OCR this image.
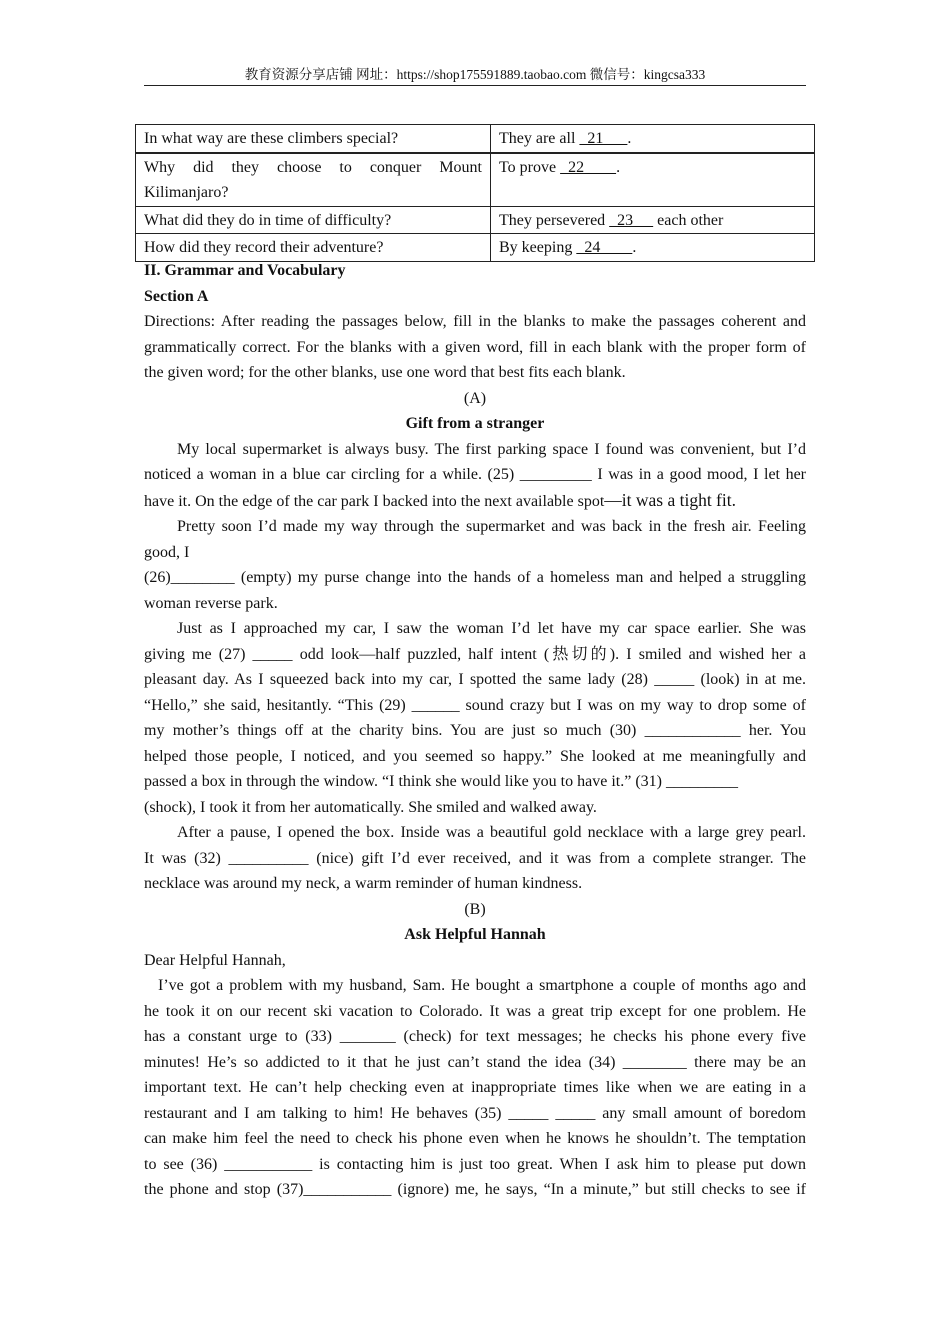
教育资源分享店铺 网址：https://shop175591889.taobao.com 微信号：kingcsa333
In what way are these climbers special?	They are all   21      .
Why did they choose to conquer Mount Kilimanjaro?	To prove   22        .
What did they do in time of difficulty?	They persevered   23      each other
How did they record their adventure?	By keeping   24        .
II. Grammar and Vocabulary
Section A
Directions: After reading the passages below, fill in the blanks to make the passages coherent and
grammatically correct. For the blanks with a given word, fill in each blank with the proper form of
the given word; for the other blanks, use one word that best fits each blank.
(A)
Gift from a stranger
My local supermarket is always busy. The first parking space I found was convenient, but I’d
noticed a woman in a blue car circling for a while. (25) _________ I was in a good mood, I let her
have it. On the edge of the car park I backed into the next available spot—it was a tight fit.
Pretty soon I’d made my way through the supermarket and was back in the fresh air. Feeling
good, I
(26)________ (empty) my purse change into the hands of a homeless man and helped a struggling
woman reverse park.
Just as I approached my car, I saw the woman I’d let have my car space earlier. She was
giving me (27) _____ odd look—half puzzled, half intent (热切的). I smiled and wished her a
pleasant day. As I squeezed back into my car, I spotted the same lady (28) _____ (look) in at me.
“Hello,” she said, hesitantly. “This (29) ______ sound crazy but I was on my way to drop some of
my mother’s things off at the charity bins. You are just so much (30) ____________ her. You
helped those people, I noticed, and you seemed so happy.” She looked at me meaningfully and
passed a box in through the window. “I think she would like you to have it.” (31) _________
(shock), I took it from her automatically. She smiled and walked away.
After a pause, I opened the box. Inside was a beautiful gold necklace with a large grey pearl.
It was (32) __________ (nice) gift I’d ever received, and it was from a complete stranger. The
necklace was around my neck, a warm reminder of human kindness.
(B)
Ask Helpful Hannah
Dear Helpful Hannah,
I’ve got a problem with my husband, Sam. He bought a smartphone a couple of months ago and
he took it on our recent ski vacation to Colorado. It was a great trip except for one problem. He
has a constant urge to (33) _______ (check) for text messages; he checks his phone every five
minutes! He’s so addicted to it that he just can’t stand the idea (34) ________ there may be an
important text. He can’t help checking even at inappropriate times like when we are eating in a
restaurant and I am talking to him! He behaves (35) _____ _____ any small amount of boredom
can make him feel the need to check his phone even when he knows he shouldn’t. The temptation
to see (36) ___________ is contacting him is just too great. When I ask him to please put down
the phone and stop (37)___________ (ignore) me, he says, “In a minute,” but still checks to see if
